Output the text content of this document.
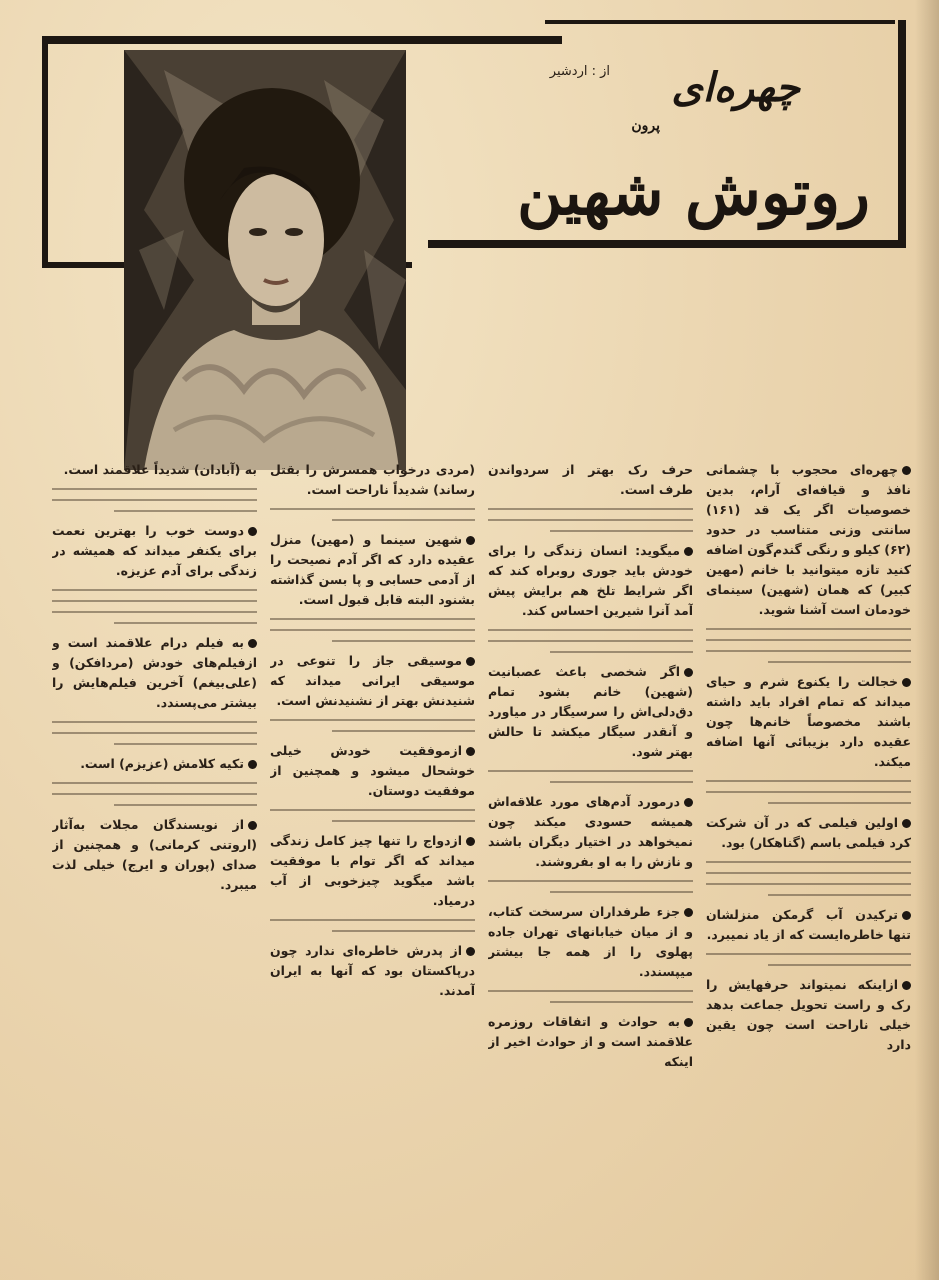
از : اردشیر چهره‌ای
پرون
روتوش شهین

چهره‌ای محجوب با چشمانی نافذ و قیافه‌ای آرام، بدین خصوصیات اگر یک قد (۱۶۱) سانتی وزنی متناسب در حدود (۶۲) کیلو و رنگی گندم‌گون اضافه کنید تازه میتوانید با خانم (مهین کبیر) که همان (شهین) سینمای خودمان است آشنا شوید.

خجالت را یکنوع شرم و حیای میداند که تمام افراد باید داشته باشند مخصوصاً خانم‌ها چون عقیده دارد بزیبائی آنها اضافه میکند.

اولین فیلمی که در آن شرکت کرد فیلمی باسم (گناهکار) بود.

ترکیدن آب گرمکن منزلشان تنها خاطره‌ایست که از یاد نمیبرد.

ازاینکه نمیتواند حرفهایش را رک و راست تحویل جماعت بدهد خیلی ناراحت است چون یقین دارد

حرف رک بهتر از سردواندن طرف است.

میگوید: انسان زندگی را برای خودش باید جوری روبراه کند که اگر شرایط تلخ هم برایش پیش آمد آنرا شیرین احساس کند.

اگر شخصی باعث عصبانیت (شهین) خانم بشود تمام دق‌دلی‌اش را سرسیگار در میاورد و آنقدر سیگار میکشد تا حالش بهتر شود.

درمورد آدم‌های مورد علاقه‌اش همیشه حسودی میکند چون نمیخواهد در اختیار دیگران باشند و نازش را به او بفروشند.

جزء طرفداران سرسخت کتاب، و از میان خیابانهای تهران جاده پهلوی را از همه جا بیشتر میپسندد.

به حوادث و اتفاقات روزمره علاقمند است و از حوادث اخیر از اینکه

(مردی درخواب همسرش را بقتل رساند) شدیداً ناراحت است.

شهین سینما و (مهین) منزل عقیده دارد که اگر آدم نصیحت را از آدمی حسابی و پا بسن گذاشته بشنود البته قابل قبول است.

موسیقی جاز را تنوعی در موسیقی ایرانی میداند که شنیدنش بهتر از نشنیدنش است.

ازموفقیت خودش خیلی خوشحال میشود و همچنین از موفقیت دوستان.

ازدواج را تنها چیز کامل زندگی میداند که اگر توام با موفقیت باشد میگوید چیزخوبی از آب درمیاد.

از پدرش خاطره‌ای ندارد چون درپاکستان بود که آنها به ایران آمدند.

به (آبادان) شدیداً علاقمند است.

دوست خوب را بهترین نعمت برای یکنفر میداند که همیشه در زندگی برای آدم عزیزه.

به فیلم درام علاقمند است و ازفیلم‌های خودش (مردافکن) و (علی‌بیغم) آخرین فیلم‌هایش را بیشتر می‌پسندد.

تکیه کلامش (عزیزم) است.

از نویسندگان مجلات به‌آثار (اروتنی کرمانی) و همچنین از صدای (پوران و ایرج) خیلی لذت میبرد.
